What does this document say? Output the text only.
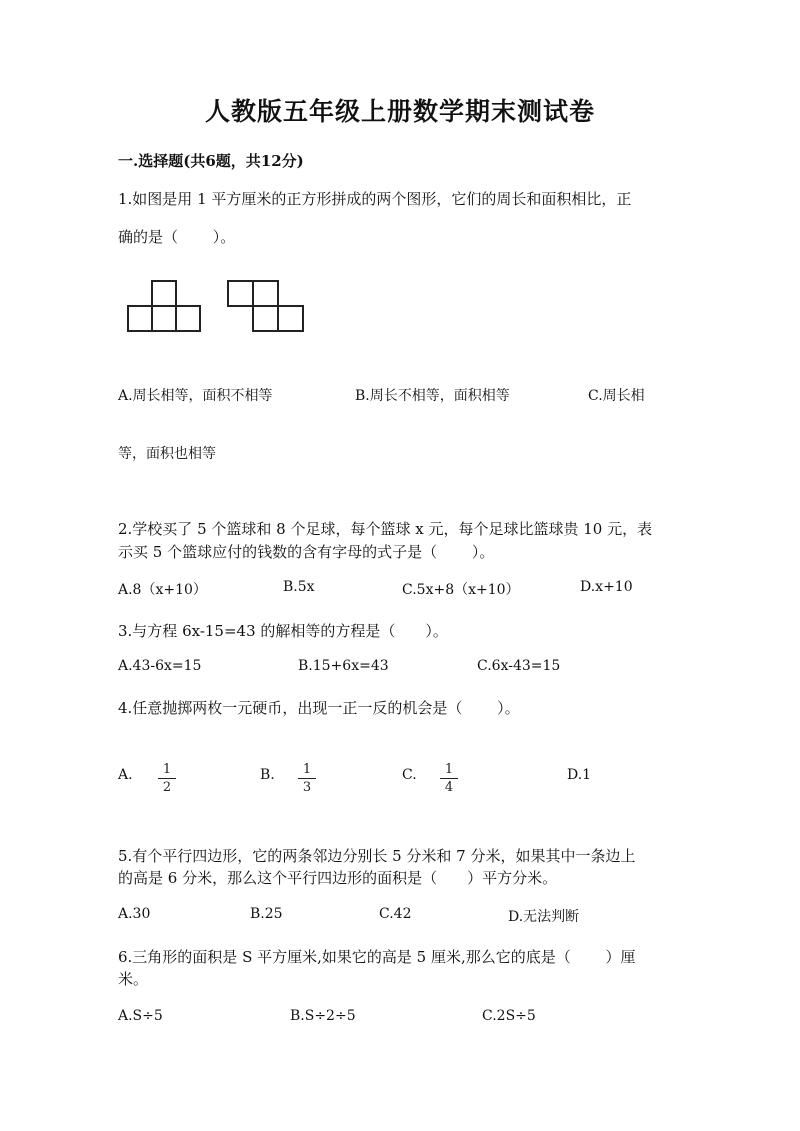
人教版五年级上册数学期末测试卷
一.选择题(共6题，共12分)
1.如图是用 1 平方厘米的正方形拼成的两个图形，它们的周长和面积相比，正
确的是（　　 ）。
A.周长相等，面积不相等	B.周长不相等，面积相等	C.周长相
等，面积也相等
2.学校买了 5 个篮球和 8 个足球，每个篮球 x 元，每个足球比篮球贵 10 元，表
示买 5 个篮球应付的钱数的含有字母的式子是（　　 ）。
A.8（x+10）	B.5x	C.5x+8（x+10）	D.x+10
3.与方程 6x-15=43 的解相等的方程是（　　）。
A.43-6x=15	B.15+6x=43	C.6x-43=15
4.任意抛掷两枚一元硬币，出现一正一反的机会是（　　 ）。
A.	1
2
B.	1
3
C.	1
4
D.1
5.有个平行四边形，它的两条邻边分别长 5 分米和 7 分米，如果其中一条边上
的高是 6 分米，那么这个平行四边形的面积是（　　）平方分米。
A.30	B.25	C.42	D.无法判断
6.三角形的面积是 S 平方厘米,如果它的高是 5 厘米,那么它的底是（　　 ）厘
米。
A.S÷5	B.S÷2÷5	C.2S÷5
